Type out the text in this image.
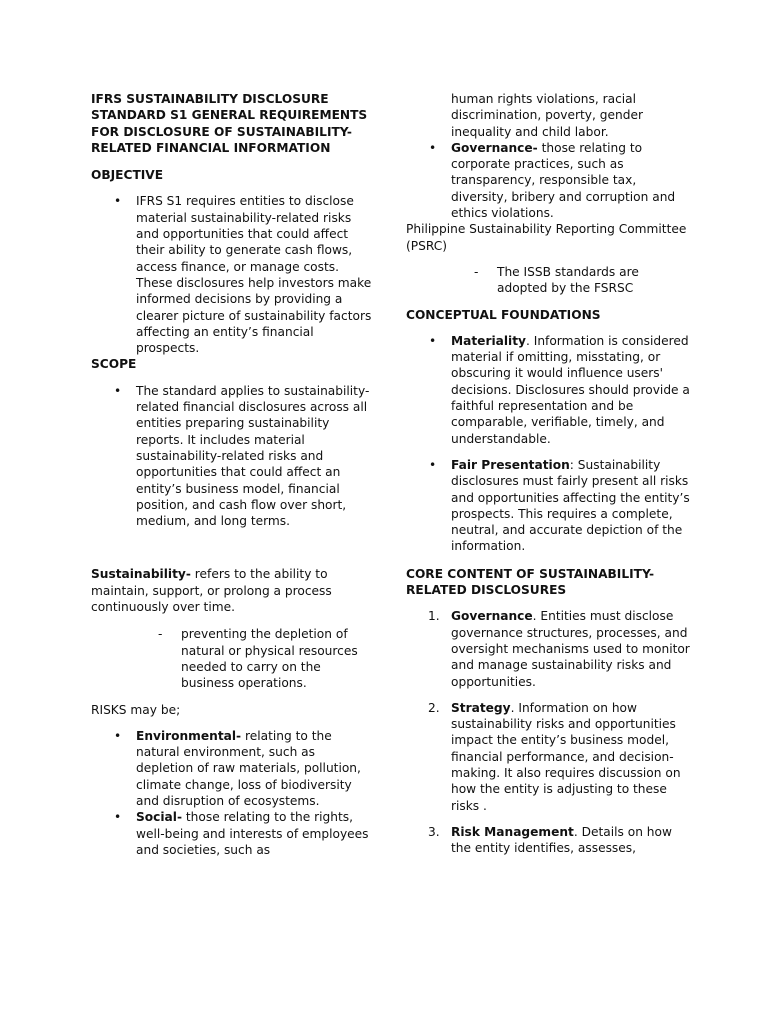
IFRS SUSTAINABILITY DISCLOSURE STANDARD S1 GENERAL REQUIREMENTS FOR DISCLOSURE OF SUSTAINABILITY-RELATED FINANCIAL INFORMATION
OBJECTIVE
• IFRS S1 requires entities to disclose material sustainability-related risks and opportunities that could affect their ability to generate cash flows, access finance, or manage costs. These disclosures help investors make informed decisions by providing a clearer picture of sustainability factors affecting an entity’s financial prospects.
SCOPE
• The standard applies to sustainability-related financial disclosures across all entities preparing sustainability reports. It includes material sustainability-related risks and opportunities that could affect an entity’s business model, financial position, and cash flow over short, medium, and long terms.

Sustainability- refers to the ability to maintain, support, or prolong a process continuously over time.

- preventing the depletion of natural or physical resources needed to carry on the business operations.

RISKS may be;

• Environmental- relating to the natural environment, such as depletion of raw materials, pollution, climate change, loss of biodiversity and disruption of ecosystems.
• Social- those relating to the rights, well-being and interests of employees and societies, such as

human rights violations, racial discrimination, poverty, gender inequality and child labor.

• Governance- those relating to corporate practices, such as transparency, responsible tax, diversity, bribery and corruption and ethics violations.

Philippine Sustainability Reporting Committee (PSRC)

- The ISSB standards are adopted by the FSRSC
CONCEPTUAL FOUNDATIONS
• Materiality. Information is considered material if omitting, misstating, or obscuring it would influence users' decisions. Disclosures should provide a faithful representation and be comparable, verifiable, timely, and understandable.
• Fair Presentation: Sustainability disclosures must fairly present all risks and opportunities affecting the entity’s prospects. This requires a complete, neutral, and accurate depiction of the information.
CORE CONTENT OF SUSTAINABILITY-RELATED DISCLOSURES
1. Governance. Entities must disclose governance structures, processes, and oversight mechanisms used to monitor and manage sustainability risks and opportunities.
2. Strategy. Information on how sustainability risks and opportunities impact the entity’s business model, financial performance, and decision-making. It also requires discussion on how the entity is adjusting to these risks .
3. Risk Management. Details on how the entity identifies, assesses,
